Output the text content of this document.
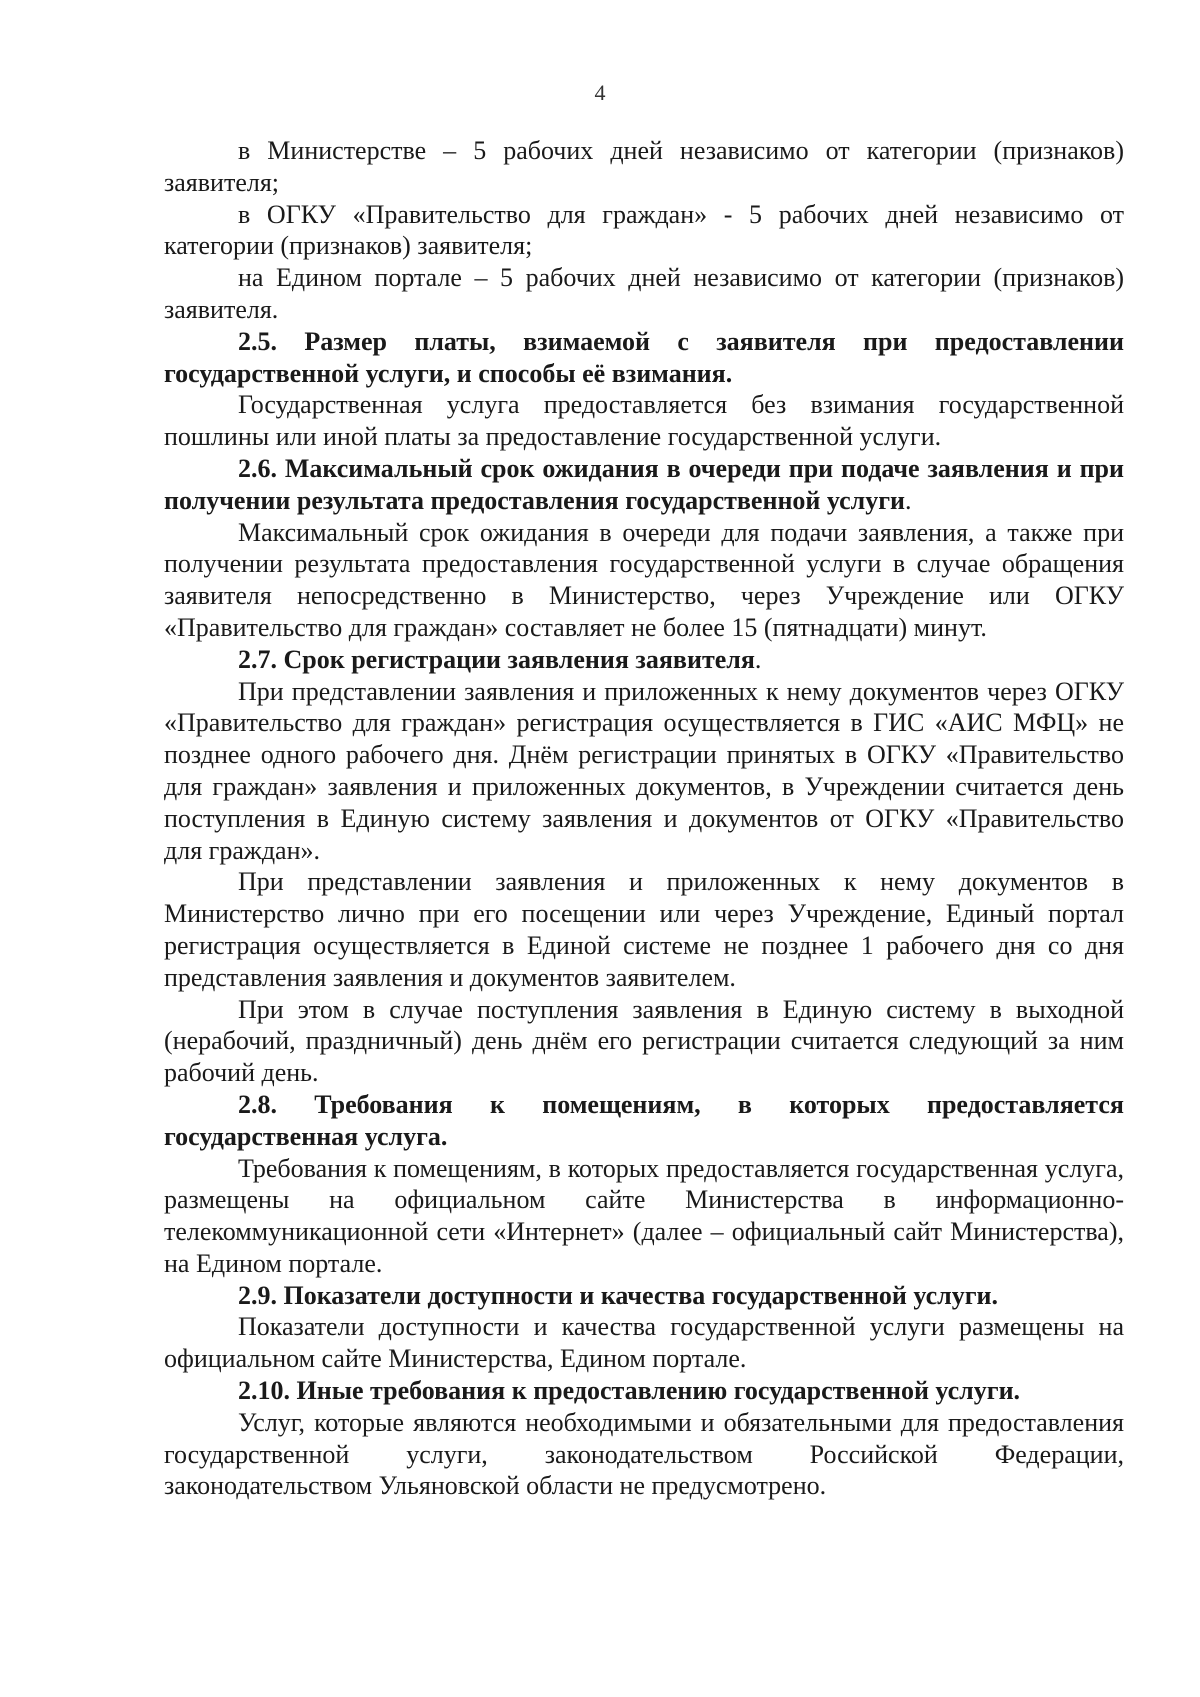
4

в Министерстве – 5 рабочих дней независимо от категории (признаков) заявителя;

в ОГКУ «Правительство для граждан» - 5 рабочих дней независимо от категории (признаков) заявителя;

на Едином портале – 5 рабочих дней независимо от категории (признаков) заявителя.

2.5. Размер платы, взимаемой с заявителя при предоставлении государственной услуги, и способы её взимания.

Государственная услуга предоставляется без взимания государственной пошлины или иной платы за предоставление государственной услуги.

2.6. Максимальный срок ожидания в очереди при подаче заявления и при получении результата предоставления государственной услуги.

Максимальный срок ожидания в очереди для подачи заявления, а также при получении результата предоставления государственной услуги в случае обращения заявителя непосредственно в Министерство, через Учреждение или ОГКУ «Правительство для граждан» составляет не более 15 (пятнадцати) минут.

2.7. Срок регистрации заявления заявителя.

При представлении заявления и приложенных к нему документов через ОГКУ «Правительство для граждан» регистрация осуществляется в ГИС «АИС МФЦ» не позднее одного рабочего дня. Днём регистрации принятых в ОГКУ «Правительство для граждан» заявления и приложенных документов, в Учреждении считается день поступления в Единую систему заявления и документов от ОГКУ «Правительство для граждан».

При представлении заявления и приложенных к нему документов в Министерство лично при его посещении или через Учреждение, Единый портал регистрация осуществляется в Единой системе не позднее 1 рабочего дня со дня представления заявления и документов заявителем.

При этом в случае поступления заявления в Единую систему в выходной (нерабочий, праздничный) день днём его регистрации считается следующий за ним рабочий день.

2.8. Требования к помещениям, в которых предоставляется государственная услуга.

Требования к помещениям, в которых предоставляется государственная услуга, размещены на официальном сайте Министерства в информационно-телекоммуникационной сети «Интернет» (далее – официальный сайт Министерства), на Едином портале.

2.9. Показатели доступности и качества государственной услуги.

Показатели доступности и качества государственной услуги размещены на официальном сайте Министерства, Едином портале.

2.10. Иные требования к предоставлению государственной услуги.

Услуг, которые являются необходимыми и обязательными для предоставления государственной услуги, законодательством Российской Федерации, законодательством Ульяновской области не предусмотрено.
